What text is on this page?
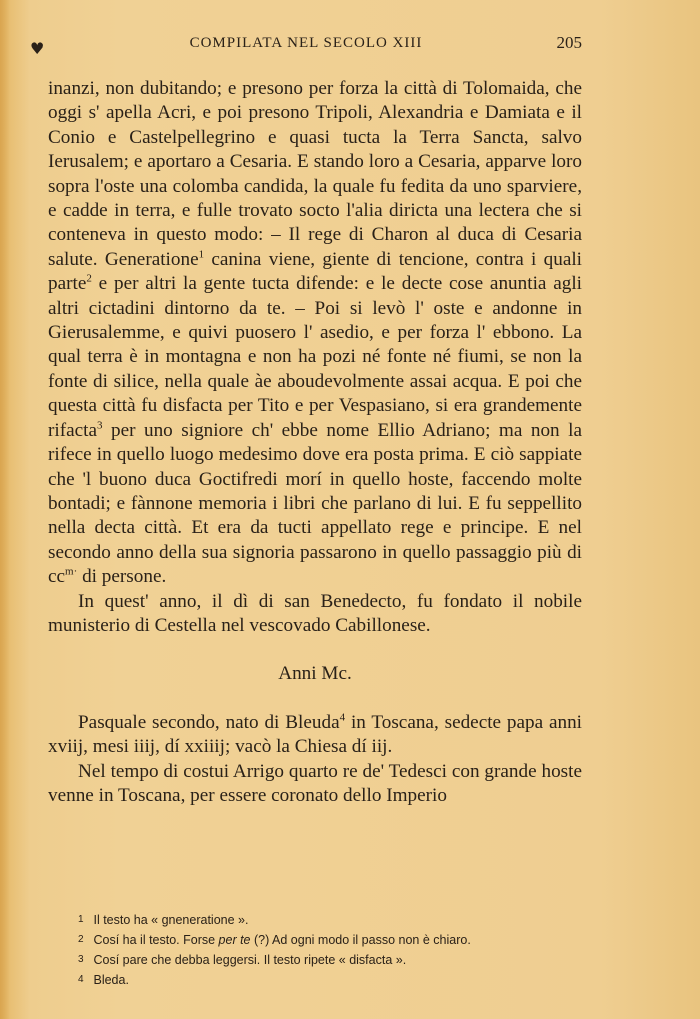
♥	COMPILATA NEL SECOLO XIII	205

inanzi, non dubitando; e presono per forza la città di Tolomaida, che oggi s' apella Acri, e poi presono Tripoli, Alexandria e Damiata e il Conio e Castelpellegrino e quasi tucta la Terra Sancta, salvo Ierusalem; e aportaro a Cesaria. E stando loro a Cesaria, apparve loro sopra l'oste una colomba candida, la quale fu fedita da uno sparviere, e cadde in terra, e fulle trovato socto l'alia diricta una lectera che si conteneva in questo modo: – Il rege di Charon al duca di Cesaria salute. Generatione$^1$ canina viene, giente di tencione, contra i quali parte$^2$ e per altri la gente tucta difende: e le decte cose anuntia agli altri cictadini dintorno da te. – Poi si levò l' oste e andonne in Gierusalemme, e quivi puosero l' asedio, e per forza l' ebbono. La qual terra è in montagna e non ha pozi né fonte né fiumi, se non la fonte di silice, nella quale àe aboudevolmente assai acqua. E poi che questa città fu disfacta per Tito e per Vespasiano, si era grandemente rifacta$^3$ per uno signiore ch' ebbe nome Ellio Adriano; ma non la rifece in quello luogo medesimo dove era posta prima. E ciò sappiate che 'l buono duca Goctifredi morí in quello hoste, faccendo molte bontadi; e fànnone memoria i libri che parlano di lui. E fu seppellito nella decta città. Et era da tucti appellato rege e principe. E nel secondo anno della sua signoria passarono in quello passaggio più di $cc^{m\cdot}$ di persone.

In quest' anno, il dì di san Benedecto, fu fondato il nobile munisterio di Cestella nel vescovado Cabillonese.

Anni Mc.

Pasquale secondo, nato di Bleuda$^4$ in Toscana, sedecte papa anni xviij, mesi iiij, dí xxiiij; vacò la Chiesa dí iij.

Nel tempo di costui Arrigo quarto re de' Tedesci con grande hoste venne in Toscana, per essere coronato dello Imperio

1 Il testo ha « gneneratione ».
2 Cosí ha il testo. Forse per te (?) Ad ogni modo il passo non è chiaro.
3 Cosí pare che debba leggersi. Il testo ripete « disfacta ».
4 Bleda.
